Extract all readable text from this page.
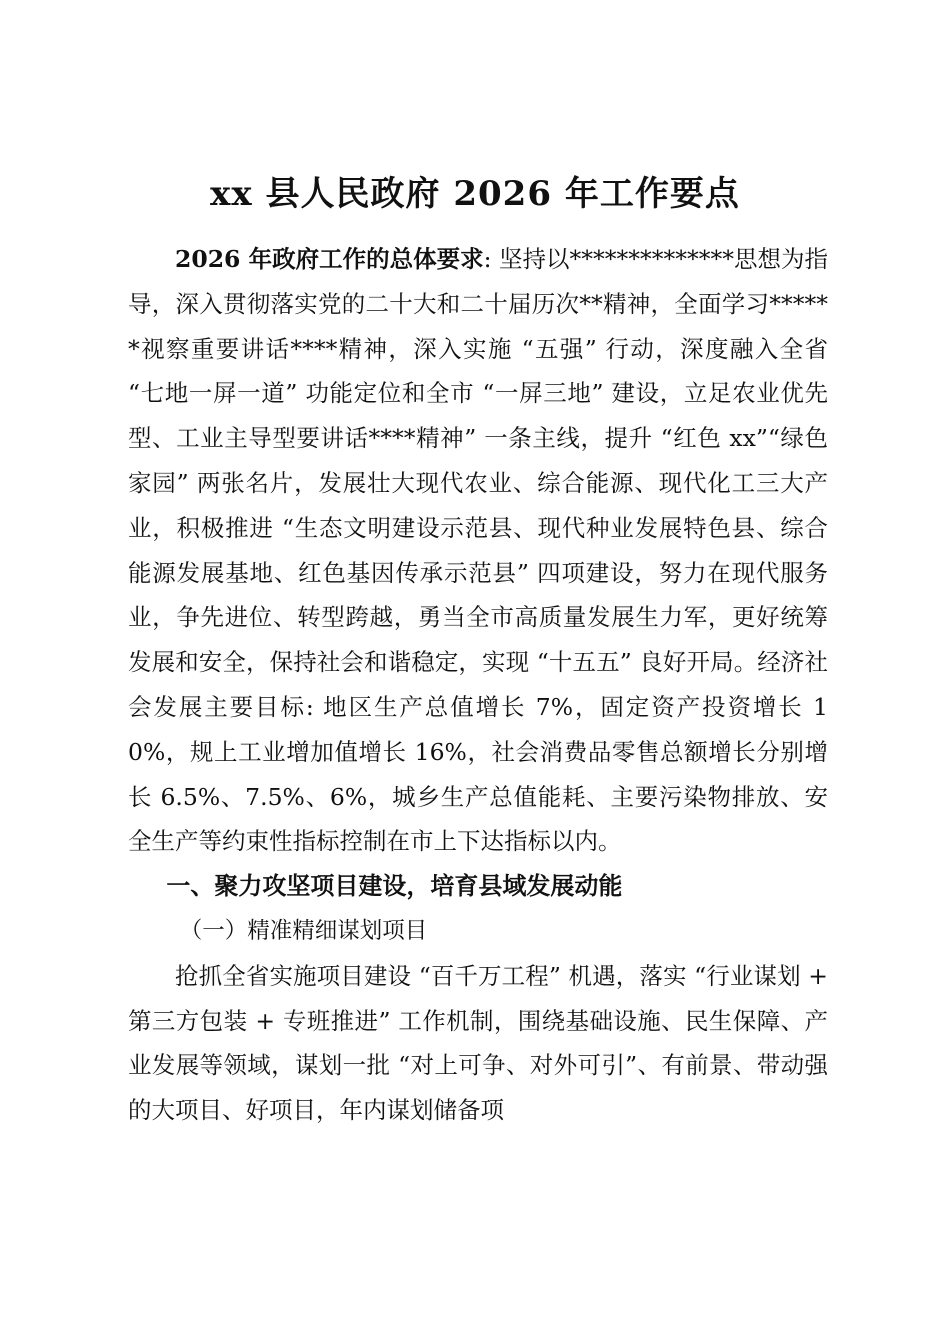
xx 县人民政府 2026 年工作要点

2026 年政府工作的总体要求: 坚持以**************思想为指导，深入贯彻落实党的二十大和二十届历次**精神，全面学习******视察重要讲话****精神，深入实施 “五强” 行动，深度融入全省 “七地一屏一道” 功能定位和全市 “一屏三地” 建设，立足农业优先型、工业主导型要讲话****精神” 一条主线，提升 “红色 xx”“绿色家园” 两张名片，发展壮大现代农业、综合能源、现代化工三大产业，积极推进 “生态文明建设示范县、现代种业发展特色县、综合能源发展基地、红色基因传承示范县” 四项建设，努力在现代服务业，争先进位、转型跨越，勇当全市高质量发展生力军，更好统筹发展和安全，保持社会和谐稳定，实现 “十五五” 良好开局。经济社会发展主要目标: 地区生产总值增长 7%，固定资产投资增长 10%，规上工业增加值增长 16%，社会消费品零售总额增长分别增长 6.5%、7.5%、6%，城乡生产总值能耗、主要污染物排放、安全生产等约束性指标控制在市上下达指标以内。

一、聚力攻坚项目建设，培育县域发展动能

（一）精准精细谋划项目

抢抓全省实施项目建设 “百千万工程” 机遇，落实 “行业谋划 + 第三方包装 + 专班推进” 工作机制，围绕基础设施、民生保障、产业发展等领域，谋划一批 “对上可争、对外可引”、有前景、带动强的大项目、好项目，年内谋划储备项
